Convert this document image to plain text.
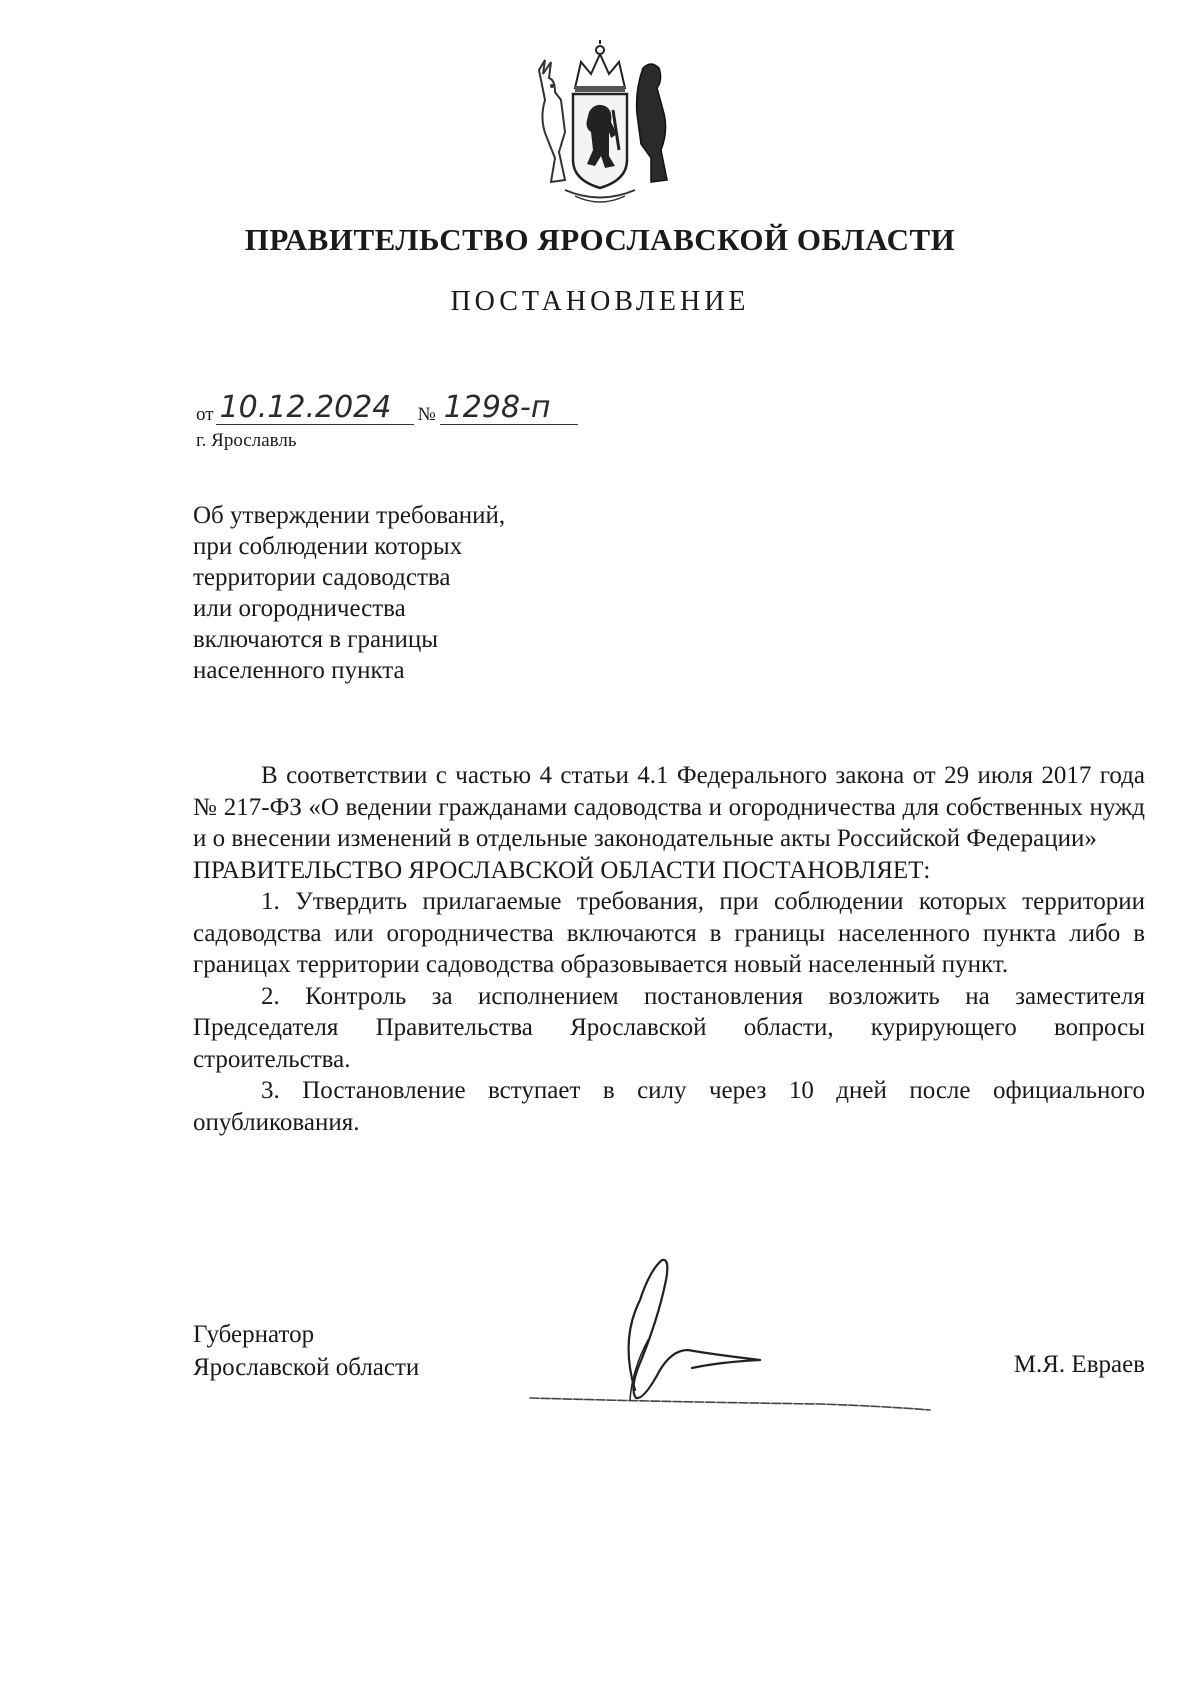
ПРАВИТЕЛЬСТВО ЯРОСЛАВСКОЙ ОБЛАСТИ
ПОСТАНОВЛЕНИЕ
от 10.12.2024	№ 1298-п
г. Ярославль
Об утверждении требований,
при соблюдении которых
территории садоводства
или огородничества
включаются в границы
населенного пункта

В соответствии с частью 4 статьи 4.1 Федерального закона от 29 июля 2017 года № 217-ФЗ «О ведении гражданами садоводства и огородничества для собственных нужд и о внесении изменений в отдельные законодательные акты Российской Федерации»

ПРАВИТЕЛЬСТВО ЯРОСЛАВСКОЙ ОБЛАСТИ ПОСТАНОВЛЯЕТ:

1. Утвердить прилагаемые требования, при соблюдении которых территории садоводства или огородничества включаются в границы населенного пункта либо в границах территории садоводства образовывается новый населенный пункт.

2. Контроль за исполнением постановления возложить на заместителя Председателя Правительства Ярославской области, курирующего вопросы строительства.

3. Постановление вступает в силу через 10 дней после официального опубликования.

Губернатор
Ярославской области	М.Я. Евраев
